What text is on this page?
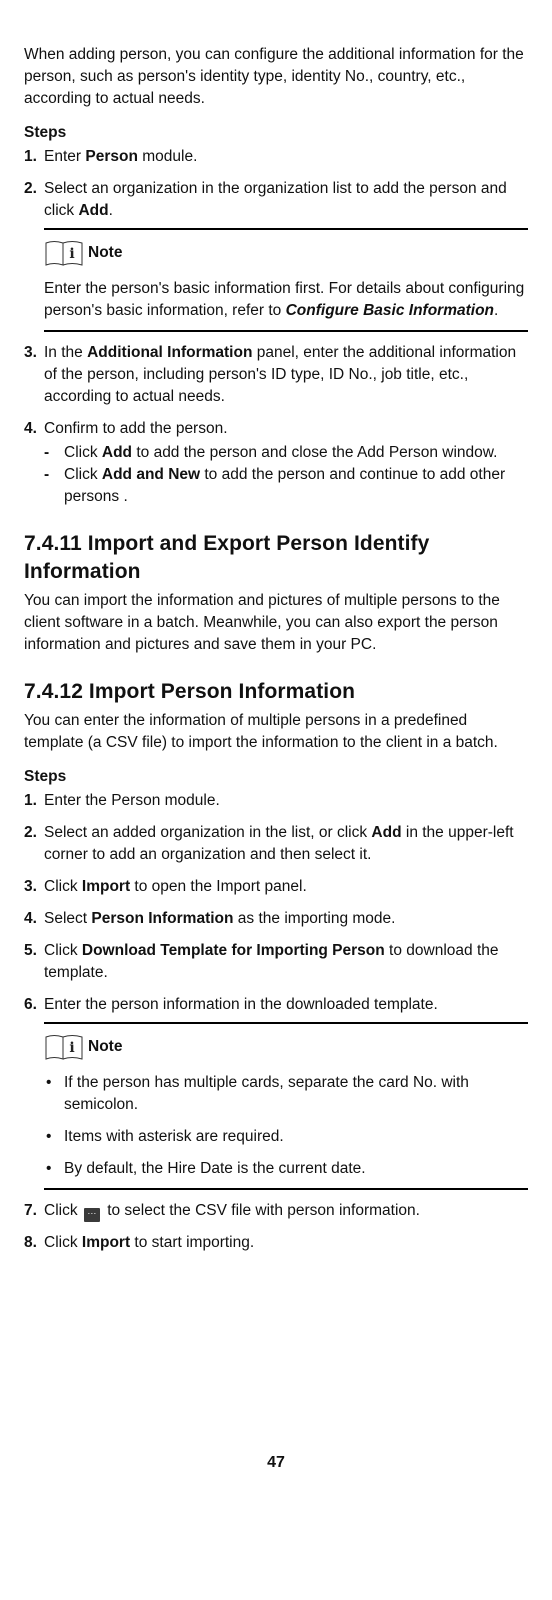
When adding person, you can configure the additional information for the person, such as person's identity type, identity No., country, etc., according to actual needs.

Steps

1. Enter Person module.
2. Select an organization in the organization list to add the person and click Add.
i Note

Enter the person's basic information first. For details about configuring person's basic information, refer to Configure Basic Information.

3. In the Additional Information panel, enter the additional information of the person, including person's ID type, ID No., job title, etc., according to actual needs.
4. Confirm to add the person.
- Click Add to add the person and close the Add Person window.
- Click Add and New to add the person and continue to add other persons .
7.4.11 Import and Export Person Identify Information

You can import the information and pictures of multiple persons to the client software in a batch. Meanwhile, you can also export the person information and pictures and save them in your PC.

7.4.12 Import Person Information

You can enter the information of multiple persons in a predefined template (a CSV file) to import the information to the client in a batch.

Steps

1. Enter the Person module.
2. Select an added organization in the list, or click Add in the upper-left corner to add an organization and then select it.
3. Click Import to open the Import panel.
4. Select Person Information as the importing mode.
5. Click Download Template for Importing Person to download the template.
6. Enter the person information in the downloaded template.
i Note
• If the person has multiple cards, separate the card No. with semicolon.
• Items with asterisk are required.
• By default, the Hire Date is the current date.
7. Click ··· to select the CSV file with person information.
8. Click Import to start importing.
47
